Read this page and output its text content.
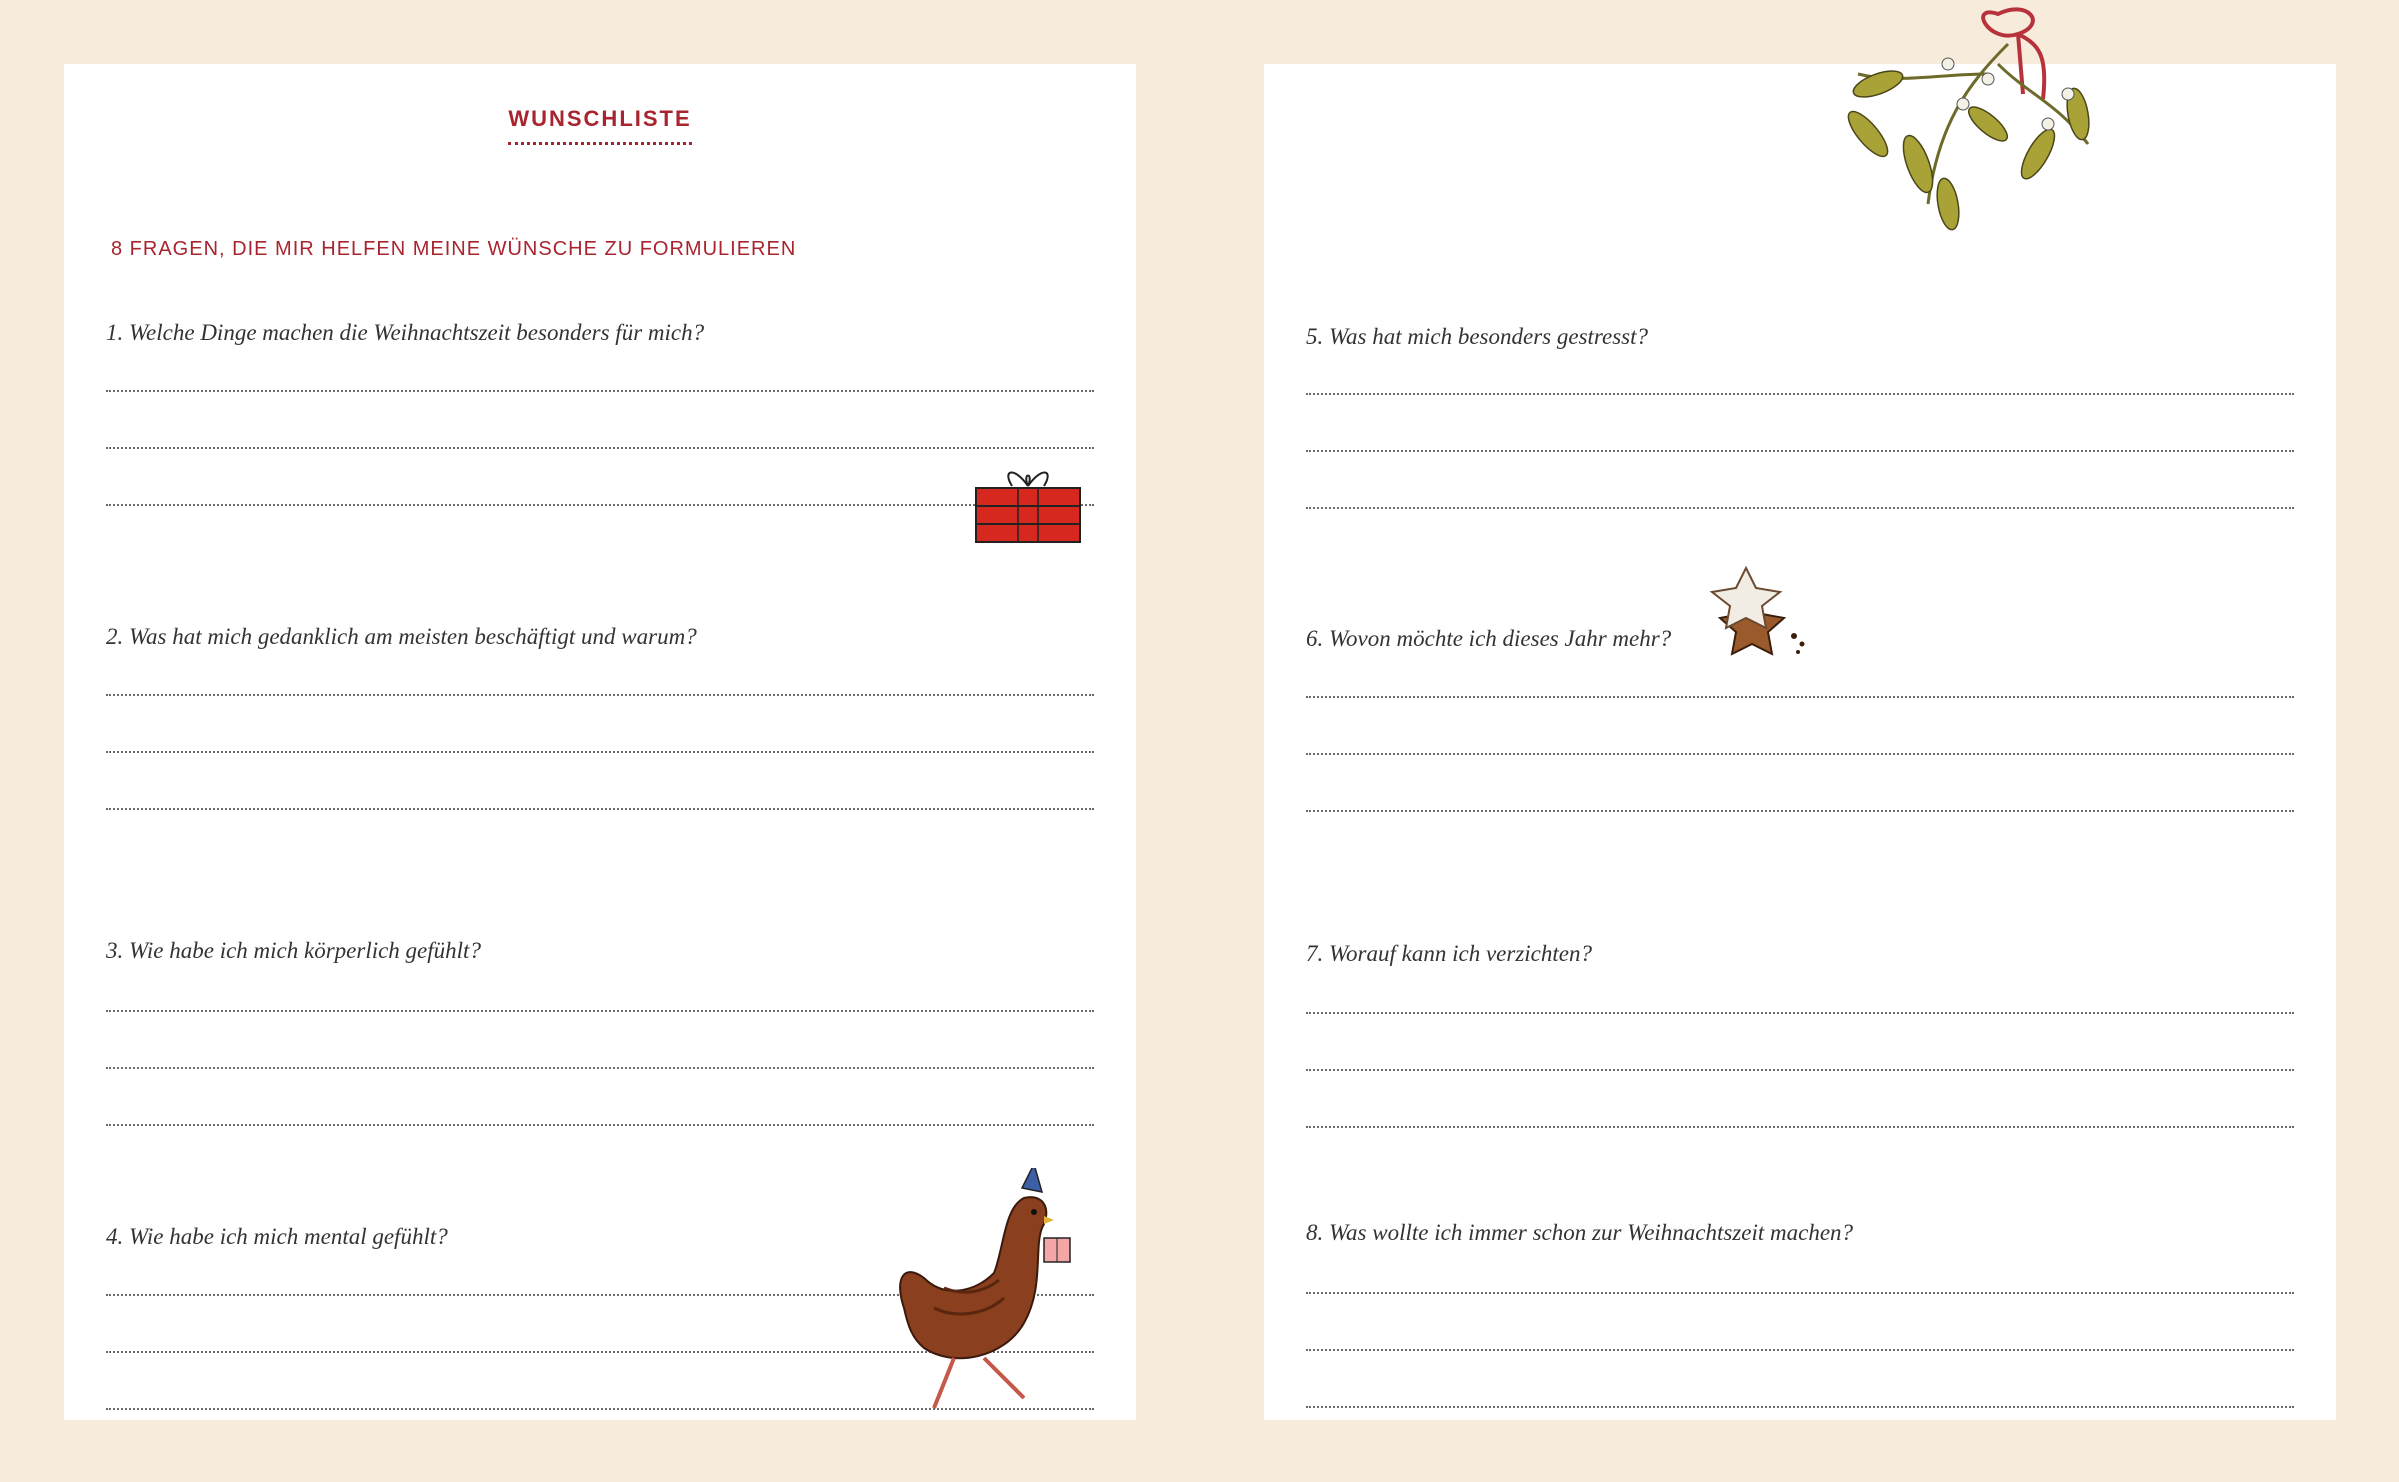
WUNSCHLISTE
8 FRAGEN, DIE MIR HELFEN MEINE WÜNSCHE ZU FORMULIEREN
1. Welche Dinge machen die Weihnachtszeit besonders für mich?
2. Was hat mich gedanklich am meisten beschäftigt und warum?
3. Wie habe ich mich körperlich gefühlt?
4. Wie habe ich mich mental gefühlt?
5. Was hat mich besonders gestresst?
6. Wovon möchte ich dieses Jahr mehr?
7. Worauf kann ich verzichten?
8. Was wollte ich immer schon zur Weihnachtszeit machen?
